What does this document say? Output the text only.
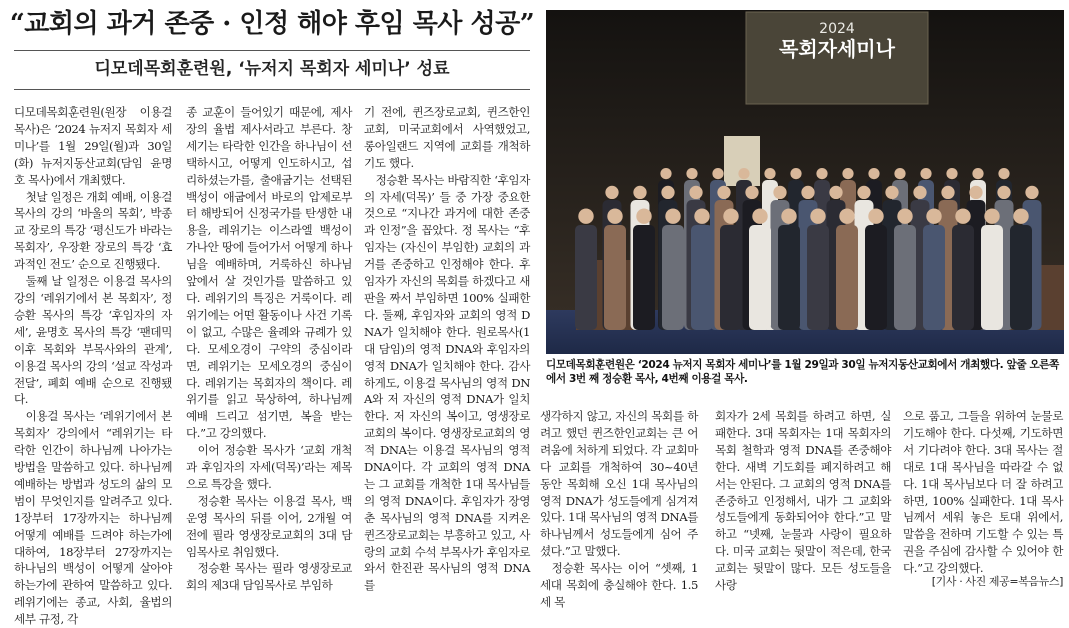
“교회의 과거 존중 · 인정 해야 후임 목사 성공”
디모데목회훈련원, ‘뉴저지 목회자 세미나’ 성료

디모데목회훈련원(원장 이용걸 목사)은 ‘2024 뉴저지 목회자 세미나’를 1월 29일(월)과 30일(화) 뉴저지동산교회(담임 윤명호 목사)에서 개최했다.

첫날 일정은 개회 예배, 이용걸 목사의 강의 ‘바울의 목회’, 박종교 장로의 특강 ‘평신도가 바라는 목회자’, 우장환 장로의 특강 ‘효과적인 전도’ 순으로 진행됐다.

둘째 날 일정은 이용걸 목사의 강의 ‘레위기에서 본 목회자’, 정승환 목사의 특강 ‘후임자의 자세’, 윤명호 목사의 특강 ‘팬데믹 이후 목회와 부목사와의 관계’, 이용걸 목사의 강의 ‘설교 작성과 전달’, 폐회 예배 순으로 진행됐다.

이용걸 목사는 ‘레위기에서 본 목회자’ 강의에서 “레위기는 타락한 인간이 하나님께 나아가는 방법을 말씀하고 있다. 하나님께 예배하는 방법과 성도의 삶의 모범이 무엇인지를 알려주고 있다. 1장부터 17장까지는 하나님께 어떻게 예배를 드려야 하는가에 대하여, 18장부터 27장까지는 하나님의 백성이 어떻게 살아야 하는가에 관하여 말씀하고 있다. 레위기에는 종교, 사회, 율법의 세부 규정, 각

종 교훈이 들어있기 때문에, 제사장의 율법 제사서라고 부른다. 창세기는 타락한 인간을 하나님이 선택하시고, 어떻게 인도하시고, 섭리하셨는가를, 출애굽기는 선택된 백성이 애굽에서 바로의 압제로부터 해방되어 신정국가를 탄생한 내용을, 레위기는 이스라엘 백성이 가나안 땅에 들어가서 어떻게 하나님을 예배하며, 거룩하신 하나님 앞에서 살 것인가를 말씀하고 있다. 레위기의 특징은 거룩이다. 레위기에는 어떤 활동이나 사건 기록이 없고, 수많은 율례와 규례가 있다. 모세오경이 구약의 중심이라면, 레위기는 모세오경의 중심이다. 레위기는 목회자의 책이다. 레위기를 읽고 묵상하여, 하나님께 예배 드리고 섬기면, 복을 받는다.”고 강의했다.

이어 정승환 목사가 ‘교회 개척과 후임자의 자세(덕목)’라는 제목으로 특강을 했다.

정승환 목사는 이용걸 목사, 백운영 목사의 뒤를 이어, 2개월 여 전에 필라 영생장로교회의 3대 담임목사로 취임했다.

정승환 목사는 필라 영생장로교회의 제3대 담임목사로 부임하

기 전에, 퀸즈장로교회, 퀸즈한인교회, 미국교회에서 사역했었고, 롱아일랜드 지역에 교회를 개척하기도 했다.

정승환 목사는 바람직한 ‘후임자의 자세(덕목)’ 들 중 가장 중요한 것으로 “지나간 과거에 대한 존중과 인정”을 꼽았다. 정 목사는 “후임자는 (자신이 부임한) 교회의 과거를 존중하고 인정해야 한다. 후임자가 자신의 목회를 하겠다고 새판을 짜서 부임하면 100% 실패한다. 둘째, 후임자와 교회의 영적 DNA가 일치해야 한다. 원로목사(1대 담임)의 영적 DNA와 후임자의 영적 DNA가 일치해야 한다. 감사하게도, 이용걸 목사님의 영적 DNA와 저 자신의 영적 DNA가 일치한다. 저 자신의 복이고, 영생장로교회의 복이다. 영생장로교회의 영적 DNA는 이용걸 목사님의 영적 DNA이다. 각 교회의 영적 DNA는 그 교회를 개척한 1대 목사님들의 영적 DNA이다. 후임자가 장영춘 목사님의 영적 DNA를 지켜온 퀸즈장로교회는 부흥하고 있고, 사랑의 교회 수석 부목사가 후임자로 와서 한진관 목사님의 영적 DNA를

2024
목회자세미나

디모데목회훈련원은 ‘2024 뉴저지 목회자 세미나’를 1월 29일과 30일 뉴저지동산교회에서 개최했다. 앞줄 오른쪽에서 3번 째 정승환 목사, 4번째 이용걸 목사.

생각하지 않고, 자신의 목회를 하려고 했던 퀸즈한인교회는 큰 어려움에 처하게 되었다. 각 교회마다 교회를 개척하여 30~40년 동안 목회해 오신 1대 목사님의 영적 DNA가 성도들에게 심겨져 있다. 1대 목사님의 영적 DNA를 하나님께서 성도들에게 심어 주셨다.”고 말했다.

정승환 목사는 이어 “셋째, 1세대 목회에 충실해야 한다. 1.5세 목

회자가 2세 목회를 하려고 하면, 실패한다. 3대 목회자는 1대 목회자의 목회 철학과 영적 DNA를 존중해야 한다. 새벽 기도회를 폐지하려고 해서는 안된다. 그 교회의 영적 DNA를 존중하고 인정해서, 내가 그 교회와 성도들에게 동화되어야 한다.”고 말하고 “넷째, 눈물과 사랑이 필요하다. 미국 교회는 뒷말이 적은데, 한국 교회는 뒷말이 많다. 모든 성도들을 사랑

으로 품고, 그들을 위하여 눈물로 기도해야 한다. 다섯째, 기도하면서 기다려야 한다. 3대 목사는 절대로 1대 목사님을 따라갈 수 없다. 1대 목사님보다 더 잘 하려고 하면, 100% 실패한다. 1대 목사님께서 세워 놓은 토대 위에서, 말씀을 전하며 기도할 수 있는 특권을 주심에 감사할 수 있어야 한다.”고 강의했다.

[기사 · 사진 제공=복음뉴스]
